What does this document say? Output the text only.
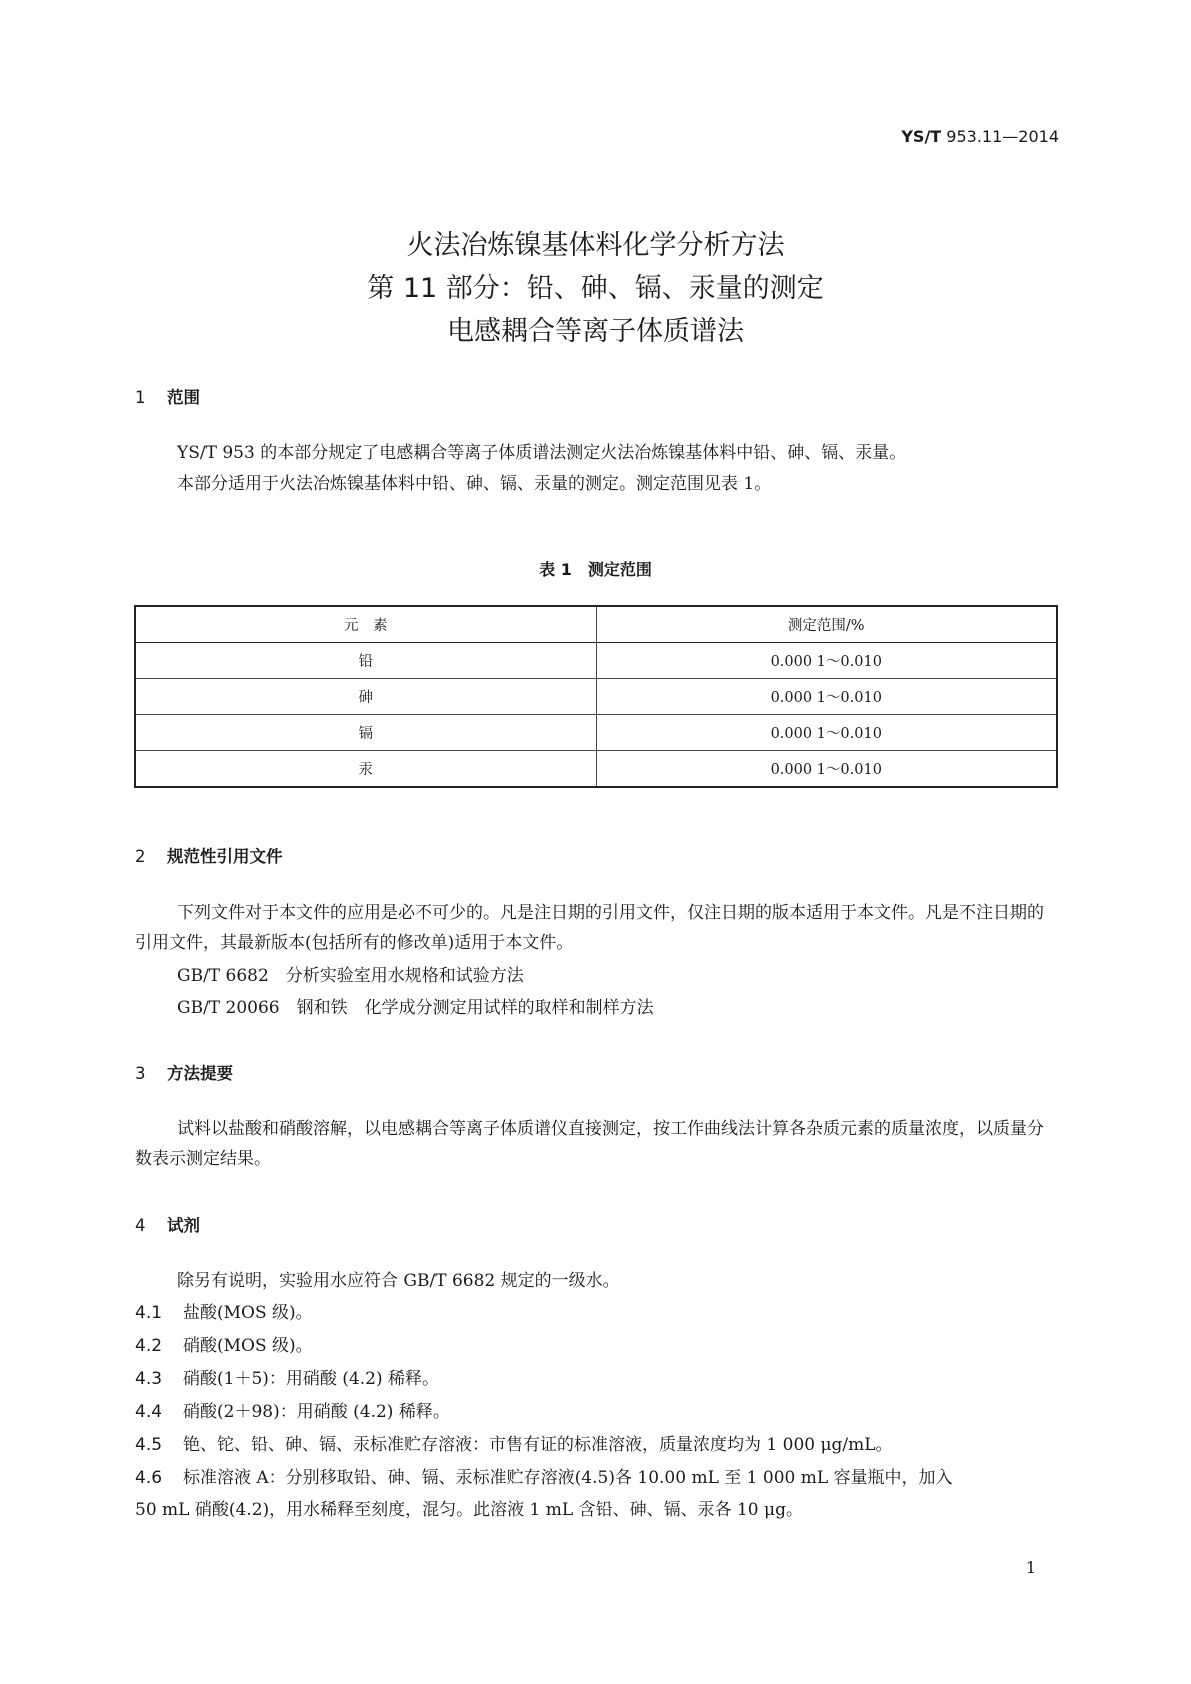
YS/T 953.11—2014
火法冶炼镍基体料化学分析方法
第 11 部分：铅、砷、镉、汞量的测定
电感耦合等离子体质谱法
1 范围
YS/T 953 的本部分规定了电感耦合等离子体质谱法测定火法冶炼镍基体料中铅、砷、镉、汞量。
本部分适用于火法冶炼镍基体料中铅、砷、镉、汞量的测定。测定范围见表 1。
表 1　测定范围
元　素	测定范围/%
铅	0.000 1～0.010
砷	0.000 1～0.010
镉	0.000 1～0.010
汞	0.000 1～0.010
2 规范性引用文件
下列文件对于本文件的应用是必不可少的。凡是注日期的引用文件，仅注日期的版本适用于本文件。凡是不注日期的引用文件，其最新版本(包括所有的修改单)适用于本文件。
GB/T 6682　分析实验室用水规格和试验方法
GB/T 20066　钢和铁　化学成分测定用试样的取样和制样方法
3 方法提要
试料以盐酸和硝酸溶解，以电感耦合等离子体质谱仪直接测定，按工作曲线法计算各杂质元素的质量浓度，以质量分数表示测定结果。
4 试剂
除另有说明，实验用水应符合 GB/T 6682 规定的一级水。
4.1 盐酸(MOS 级)。
4.2 硝酸(MOS 级)。
4.3 硝酸(1＋5)：用硝酸 (4.2) 稀释。
4.4 硝酸(2＋98)：用硝酸 (4.2) 稀释。
4.5 铯、铊、铅、砷、镉、汞标准贮存溶液：市售有证的标准溶液，质量浓度均为 1 000 μg/mL。
4.6 标准溶液 A：分别移取铅、砷、镉、汞标准贮存溶液(4.5)各 10.00 mL 至 1 000 mL 容量瓶中，加入
50 mL 硝酸(4.2)，用水稀释至刻度，混匀。此溶液 1 mL 含铅、砷、镉、汞各 10 μg。
1
